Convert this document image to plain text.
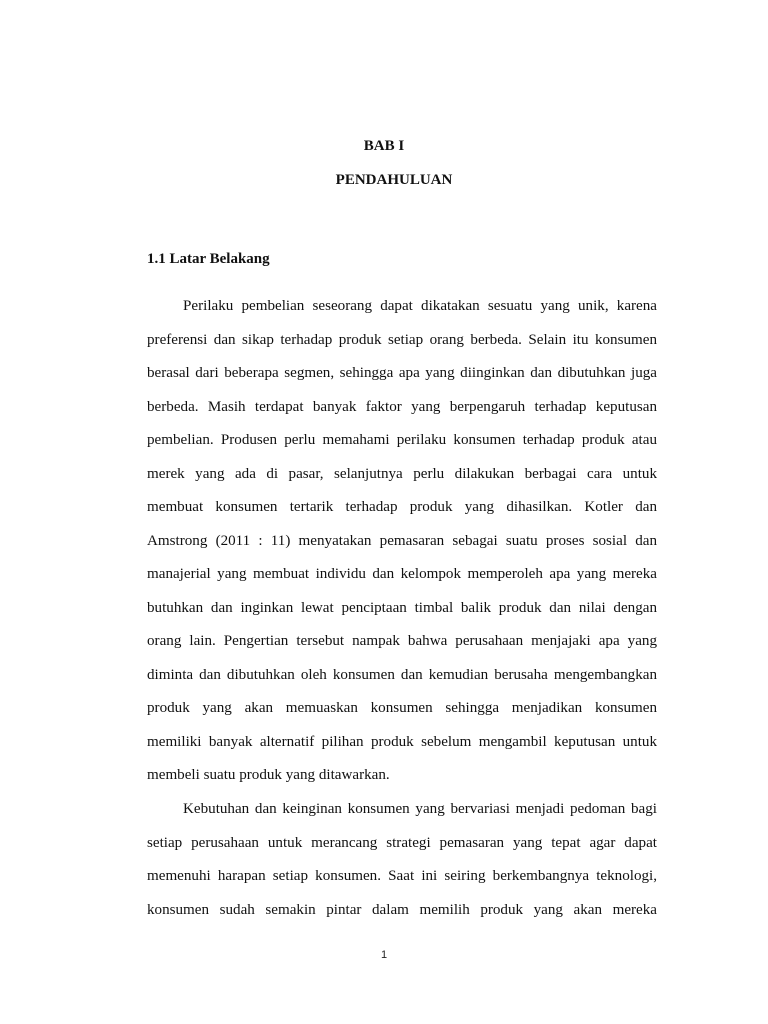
BAB I
PENDAHULUAN
1.1 Latar Belakang
Perilaku pembelian seseorang dapat dikatakan sesuatu yang unik, karena
preferensi dan sikap terhadap produk setiap orang berbeda. Selain itu konsumen
berasal dari beberapa segmen, sehingga apa yang diinginkan dan dibutuhkan juga
berbeda. Masih terdapat banyak faktor yang berpengaruh terhadap keputusan
pembelian. Produsen perlu memahami perilaku konsumen terhadap produk atau
merek yang ada di pasar, selanjutnya perlu dilakukan berbagai cara untuk
membuat konsumen tertarik terhadap produk yang dihasilkan. Kotler dan
Amstrong (2011 : 11) menyatakan pemasaran sebagai suatu proses sosial dan
manajerial yang membuat individu dan kelompok memperoleh apa yang mereka
butuhkan dan inginkan lewat penciptaan timbal balik produk dan nilai dengan
orang lain. Pengertian tersebut nampak bahwa perusahaan menjajaki apa yang
diminta dan dibutuhkan oleh konsumen dan kemudian berusaha mengembangkan
produk yang akan memuaskan konsumen sehingga menjadikan konsumen
memiliki banyak alternatif pilihan produk sebelum mengambil keputusan untuk
membeli suatu produk yang ditawarkan.
Kebutuhan dan keinginan konsumen yang bervariasi menjadi pedoman bagi
setiap perusahaan untuk merancang strategi pemasaran yang tepat agar dapat
memenuhi harapan setiap konsumen. Saat ini seiring berkembangnya teknologi,
konsumen sudah semakin pintar dalam memilih produk yang akan mereka
1
